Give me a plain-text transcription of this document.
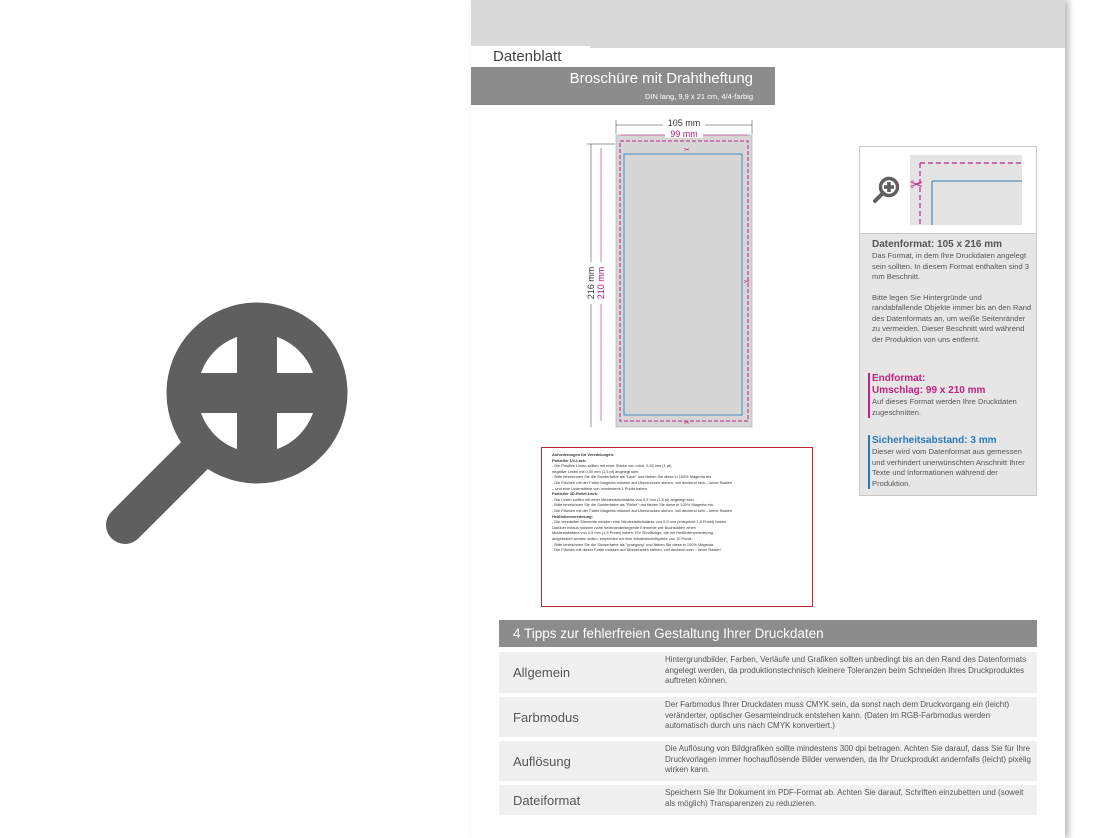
Datenblatt
Broschüre mit Drahtheftung
DIN lang, 9,9 x 21 cm, 4/4-farbig
✂
✂
✂
105 mm
99 mm
216 mm 210 mm
Anforderungen für Veredelungen:
Partieller UV-Lack:
- Die Positive Linien sollten mit einer Stärke von mind. 0,35 mm (1 pt)
negative Linien mit 0,50 mm (1,5 pt) angelegt sein.
- Bitte bezeichnen Sie die Sonderfarbe als "Lack" und färben Sie diese in 100% Magenta ein.
- Die Flächen mit der Farbe Magenta müssen auf Überdrucken stehen, voll deckend sein – keine Raster!
– und eine Linienstärke von mindestens 1 Punkt haben.
Partieller 3D-Relief-Lack:
- Die Linien sollten mit einer Mindeststrichstärke von 0,5 mm (1,5 pt) angelegt sein.
- Bitte bezeichnen Sie die Sonderfarbe als "Relief" und färben Sie diese in 100% Magenta ein.
- Die Flächen mit der Farbe Magenta müssen auf Überdrucken stehen, voll deckend sein – keine Raster!
Heißfolienveredelung:
- Die veredelten Elemente müssen eine Mindeststrichstärke von 0,5 mm (entspricht 1,5 Punkt) haben.
Darüber hinaus müssen nahe beieinanderliegende Elemente wie Buchstaben einen
Mindestabstand von 0,5 mm (1,5 Punkt) haben. Für Schriftzüge, die mit Heißfolienveredelung
aufgebracht werden sollen, empfehlen wir eine Mindestschriftgröße von 10 Punkt.
- Bitte bezeichnen Sie die Sonderfarbe als "praegung" und färben Sie diese in 100% Magenta.
- Die Flächen mit dieser Farbe müssen auf Überdrucken stehen, voll deckend sein – keine Raster!
✂
Datenformat: 105 x 216 mm
Das Format, in dem Ihre Druckdaten angelegt sein sollten. In diesem Format enthalten sind 3 mm Beschnitt.
Bitte legen Sie Hintergründe und randabfallende Objekte immer bis an den Rand des Datenformats an, um weiße Seitenränder zu vermeiden. Dieser Beschnitt wird während der Produktion von uns entfernt.
Endformat:
Umschlag: 99 x 210 mm
Auf dieses Format werden Ihre Druckdaten zugeschnitten.
Sicherheitsabstand: 3 mm
Dieser wird vom Datenformat aus gemessen und verhindert unerwünschten Anschnitt Ihrer Texte und Informationen während der Produktion.
4 Tipps zur fehlerfreien Gestaltung Ihrer Druckdaten
Allgemein
Hintergrundbilder, Farben, Verläufe und Grafiken sollten unbedingt bis an den Rand des Datenformats angelegt werden, da produktionstechnisch kleinere Toleranzen beim Schneiden Ihres Druckproduktes auftreten können.
Farbmodus
Der Farbmodus Ihrer Druckdaten muss CMYK sein, da sonst nach dem Druckvorgang ein (leicht) veränderter, optischer Gesamteindruck entstehen kann. (Daten im RGB-Farbmodus werden automatisch durch uns nach CMYK konvertiert.)
Auflösung
Die Auflösung von Bildgrafiken sollte mindestens 300 dpi betragen. Achten Sie darauf, dass Sie für Ihre Druckvorlagen immer hochauflösende Bilder verwenden, da Ihr Druckprodukt andernfalls (leicht) pixelig wirken kann.
Dateiformat	Speichern Sie Ihr Dokument im PDF-Format ab. Achten Sie darauf, Schriften einzubetten und (soweit als möglich) Transparenzen zu reduzieren.
